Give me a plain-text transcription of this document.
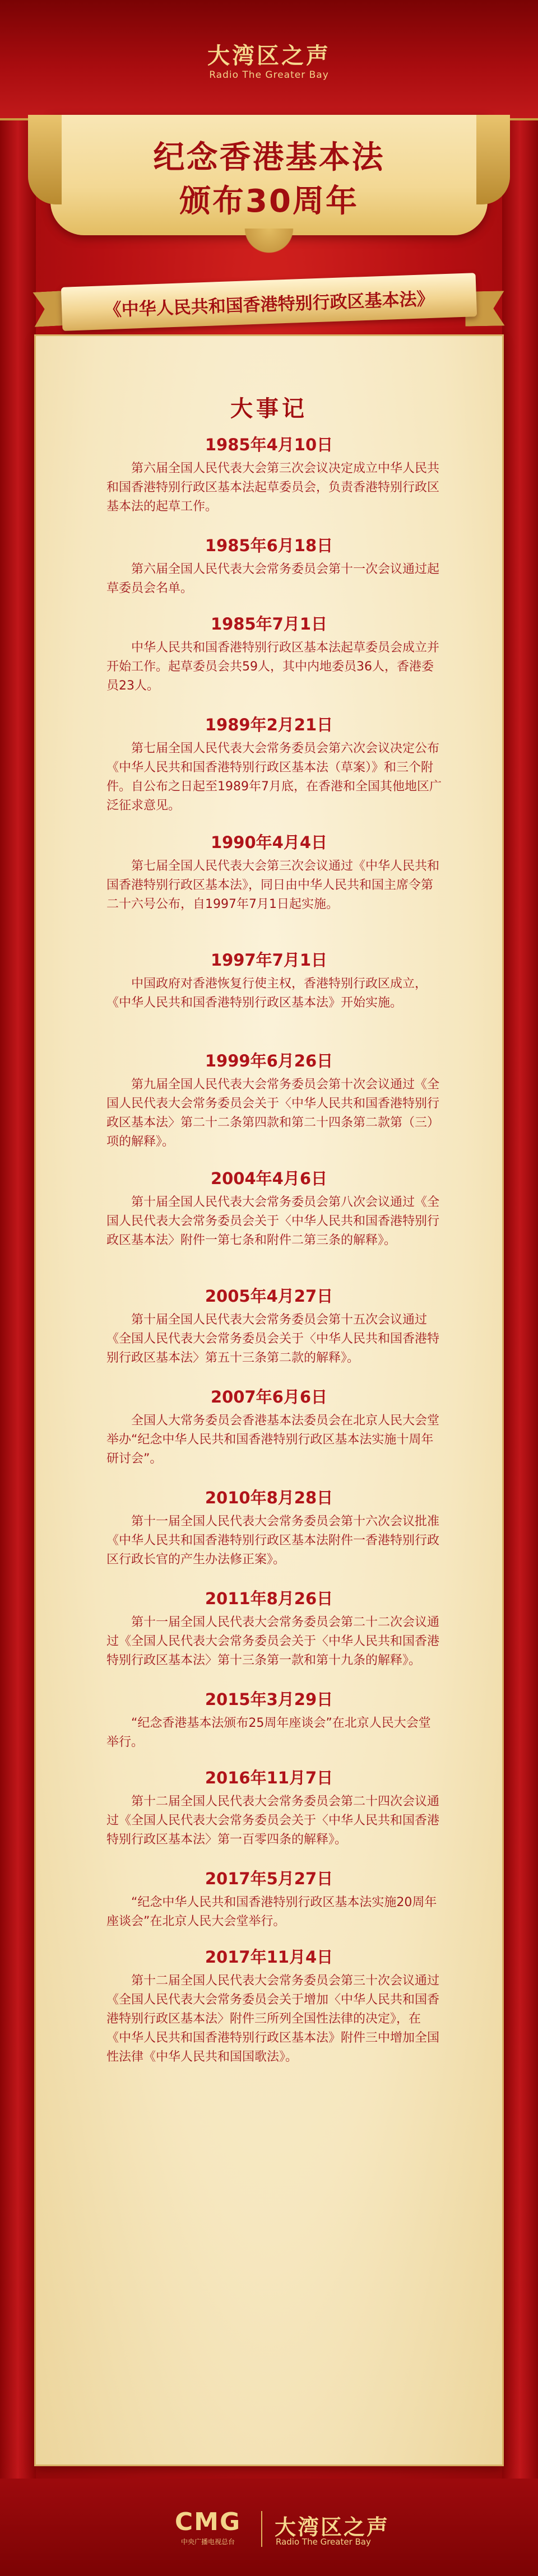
大湾区之声
Radio The Greater Bay
纪念香港基本法
颁布30周年
《中华人民共和国香港特别行政区基本法》
大事记
1985年4月10日
第六届全国人民代表大会第三次会议决定成立中华人民共和国香港特别行政区基本法起草委员会，负责香港特别行政区基本法的起草工作。
1985年6月18日
第六届全国人民代表大会常务委员会第十一次会议通过起草委员会名单。
1985年7月1日
中华人民共和国香港特别行政区基本法起草委员会成立并开始工作。起草委员会共59人，其中内地委员36人，香港委员23人。
1989年2月21日
第七届全国人民代表大会常务委员会第六次会议决定公布《中华人民共和国香港特别行政区基本法（草案）》和三个附件。自公布之日起至1989年7月底，在香港和全国其他地区广泛征求意见。
1990年4月4日
第七届全国人民代表大会第三次会议通过《中华人民共和国香港特别行政区基本法》，同日由中华人民共和国主席令第二十六号公布，自1997年7月1日起实施。
1997年7月1日
中国政府对香港恢复行使主权，香港特别行政区成立，《中华人民共和国香港特别行政区基本法》开始实施。
1999年6月26日
第九届全国人民代表大会常务委员会第十次会议通过《全国人民代表大会常务委员会关于〈中华人民共和国香港特别行政区基本法〉第二十二条第四款和第二十四条第二款第（三）项的解释》。
2004年4月6日
第十届全国人民代表大会常务委员会第八次会议通过《全国人民代表大会常务委员会关于〈中华人民共和国香港特别行政区基本法〉附件一第七条和附件二第三条的解释》。
2005年4月27日
第十届全国人民代表大会常务委员会第十五次会议通过《全国人民代表大会常务委员会关于〈中华人民共和国香港特别行政区基本法〉第五十三条第二款的解释》。
2007年6月6日
全国人大常务委员会香港基本法委员会在北京人民大会堂举办“纪念中华人民共和国香港特别行政区基本法实施十周年研讨会”。
2010年8月28日
第十一届全国人民代表大会常务委员会第十六次会议批准《中华人民共和国香港特别行政区基本法附件一香港特别行政区行政长官的产生办法修正案》。
2011年8月26日
第十一届全国人民代表大会常务委员会第二十二次会议通过《全国人民代表大会常务委员会关于〈中华人民共和国香港特别行政区基本法〉第十三条第一款和第十九条的解释》。
2015年3月29日
“纪念香港基本法颁布25周年座谈会”在北京人民大会堂举行。
2016年11月7日
第十二届全国人民代表大会常务委员会第二十四次会议通过《全国人民代表大会常务委员会关于〈中华人民共和国香港特别行政区基本法〉第一百零四条的解释》。
2017年5月27日
“纪念中华人民共和国香港特别行政区基本法实施20周年座谈会”在北京人民大会堂举行。
2017年11月4日
第十二届全国人民代表大会常务委员会第三十次会议通过《全国人民代表大会常务委员会关于增加〈中华人民共和国香港特别行政区基本法〉附件三所列全国性法律的决定》，在《中华人民共和国香港特别行政区基本法》附件三中增加全国性法律《中华人民共和国国歌法》。
CMG
中央广播电视总台
大湾区之声
Radio The Greater Bay
